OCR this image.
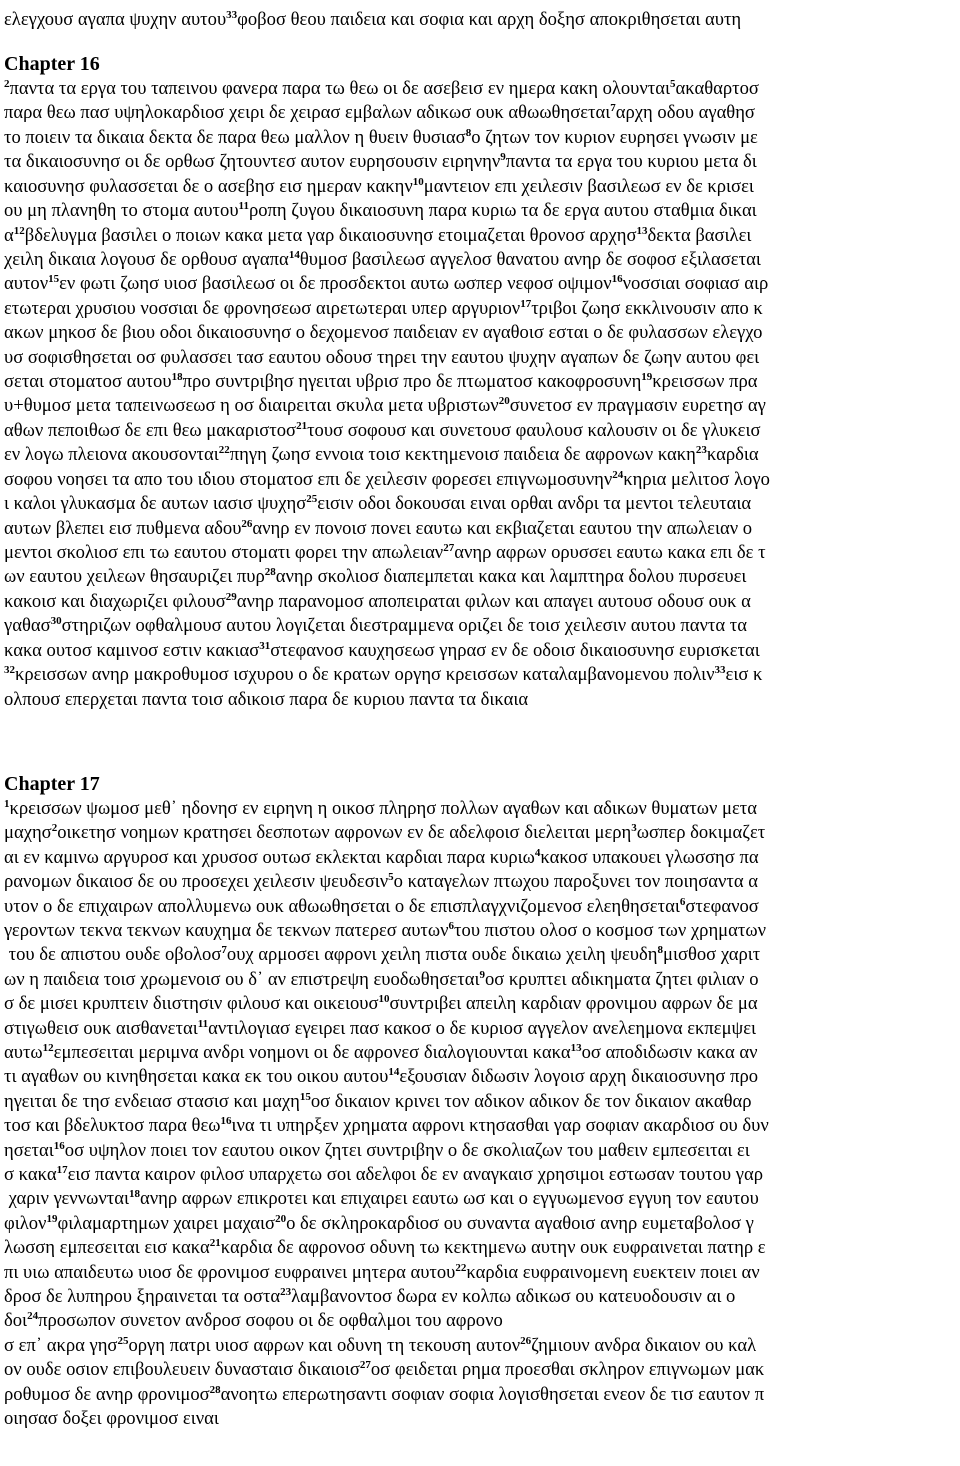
ελεγχουσ αγαπα ψυχην αυτου$^{33}$φοβοσ θεου παιδεια και σοφια και αρχη δοξησ αποκριθησεται αυτη
Chapter 16
$^2$παντα τα εργα του ταπεινου φανερα παρα τω θεω οι δε ασεβεισ εν ημερα κακη ολουνται$^5$ακαθαρτοσ
παρα θεω πασ υψηλοκαρδιοσ χειρι δε χειρασ εμβαλων αδικωσ ουκ αθωωθησεται$^7$αρχη οδου αγαθησ
το ποιειν τα δικαια δεκτα δε παρα θεω μαλλον η θυειν θυσιασ$^8$ο ζητων τον κυριον ευρησει γνωσιν με
τα δικαιοσυνησ οι δε ορθωσ ζητουντεσ αυτον ευρησουσιν ειρηνην$^9$παντα τα εργα του κυριου μετα δι
καιοσυνησ φυλασσεται δε ο ασεβησ εισ ημεραν κακην$^{10}$μαντειον επι χειλεσιν βασιλεωσ εν δε κρισει
ου μη πλανηθη το στομα αυτου$^{11}$ροπη ζυγου δικαιοσυνη παρα κυριω τα δε εργα αυτου σταθμια δικαι
$\alpha^{12}\beta\delta\varepsilon\lambda\upsilon\gamma\mu\alpha$ βασιλει ο ποιων κακα μετα γαρ δικαιοσυνησ ετοιμαζεται θρονοσ αρχησ$^{13}$δεκτα βασιλει
χειλη δικαια λογουσ δε ορθουσ αγαπα$^{14}$θυμοσ βασιλεωσ αγγελοσ θανατου ανηρ δε σοφοσ εξιλασεται
αυτον$^{15}$εν φωτι ζωησ υιοσ βασιλεωσ οι δε προσδεκτοι αυτω ωσπερ νεφοσ οψιμον$^{16}$νοσσιαι σοφιασ αιρ
ετωτεραι χρυσιου νοσσιαι δε φρονησεωσ αιρετωτεραι υπερ αργυριον$^{17}$τριβοι ζωησ εκκλινουσιν απο κ
ακων μηκοσ δε βιου οδοι δικαιοσυνησ ο δεχομενοσ παιδειαν εν αγαθοισ εσται ο δε φυλασσων ελεγχο
υσ σοφισθησεται οσ φυλασσει τασ εαυτου οδουσ τηρει την εαυτου ψυχην αγαπων δε ζωην αυτου φει
σεται στοματοσ αυτου$^{18}$προ συντριβησ ηγειται υβρισ προ δε πτωματοσ κακοφροσυνη$^{19}$κρεισσων πρα
υ+θυμοσ μετα ταπεινωσεωσ η οσ διαιρειται σκυλα μετα υβριστων$^{20}$συνετοσ εν πραγμασιν ευρετησ αγ
αθων πεποιθωσ δε επι θεω μακαριστοσ$^{21}$τουσ σοφουσ και συνετουσ φαυλουσ καλουσιν οι δε γλυκεισ
εν λογω πλειονα ακουσονται$^{22}$πηγη ζωησ εννοια τοισ κεκτημενοισ παιδεια δε αφρονων κακη$^{23}$καρδια
σοφου νοησει τα απο του ιδιου στοματοσ επι δε χειλεσιν φορεσει επιγνωμοσυνην$^{24}$κηρια μελιτοσ λογο
ι καλοι γλυκασμα δε αυτων ιασισ ψυχησ$^{25}$εισιν οδοι δοκουσαι ειναι ορθαι ανδρι τα μεντοι τελευταια
αυτων βλεπει εισ πυθμενα αδου$^{26}$ανηρ εν πονοισ πονει εαυτω και εκβιαζεται εαυτου την απωλειαν ο
μεντοι σκολιοσ επι τω εαυτου στοματι φορει την απωλειαν$^{27}$ανηρ αφρων ορυσσει εαυτω κακα επι δε τ
ων εαυτου χειλεων θησαυριζει πυρ$^{28}$ανηρ σκολιοσ διαπεμπεται κακα και λαμπτηρα δολου πυρσευει
κακοισ και διαχωριζει φιλουσ$^{29}$ανηρ παρανομοσ αποπειραται φιλων και απαγει αυτουσ οδουσ ουκ α
γαθασ$^{30}$στηριζων οφθαλμουσ αυτου λογιζεται διεστραμμενα οριζει δε τοισ χειλεσιν αυτου παντα τα
κακα ουτοσ καμινοσ εστιν κακιασ$^{31}$στεφανοσ καυχησεωσ γηρασ εν δε οδοισ δικαιοσυνησ ευρισκεται
$^{32}$κρεισσων ανηρ μακροθυμοσ ισχυρου ο δε κρατων οργησ κρεισσων καταλαμβανομενου πολιν$^{33}$εισ κ
ολπουσ επερχεται παντα τοισ αδικοισ παρα δε κυριου παντα τα δικαια
Chapter 17
$^1$κρεισσων ψωμοσ μεθ᾽ ηδονησ εν ειρηνη η οικοσ πληρησ πολλων αγαθων και αδικων θυματων μετα
μαχησ$^2$οικετησ νοημων κρατησει δεσποτων αφρονων εν δε αδελφοισ διελειται μερη$^3$ωσπερ δοκιμαζετ
αι εν καμινω αργυροσ και χρυσοσ ουτωσ εκλεκται καρδιαι παρα κυριω$^4$κακοσ υπακουει γλωσσησ πα
ρανομων δικαιοσ δε ου προσεχει χειλεσιν ψευδεσιν$^5$ο καταγελων πτωχου παροξυνει τον ποιησαντα α
υτον ο δε επιχαιρων απολλυμενω ουκ αθωωθησεται ο δε επισπλαγχνιζομενοσ ελεηθησεται$^6$στεφανοσ
γεροντων τεκνα τεκνων καυχημα δε τεκνων πατερεσ αυτων$^6$του πιστου ολοσ ο κοσμοσ των χρηματων
του δε απιστου ουδε οβολοσ$^7$ουχ αρμοσει αφρονι χειλη πιστα ουδε δικαιω χειλη ψευδη$^8$μισθοσ χαριτ
ων η παιδεια τοισ χρωμενοισ ου δ᾽ αν επιστρεψη ευοδωθησεται$^9$οσ κρυπτει αδικηματα ζητει φιλιαν ο
σ δε μισει κρυπτειν διιστησιν φιλουσ και οικειουσ$^{10}$συντριβει απειλη καρδιαν φρονιμου αφρων δε μα
στιγωθεισ ουκ αισθανεται$^{11}$αντιλογιασ εγειρει πασ κακοσ ο δε κυριοσ αγγελον ανελεημονα εκπεμψει
αυτω$^{12}$εμπεσειται μεριμνα ανδρι νοημονι οι δε αφρονεσ διαλογιουνται κακα$^{13}$οσ αποδιδωσιν κακα αν
τι αγαθων ου κινηθησεται κακα εκ του οικου αυτου$^{14}$εξουσιαν διδωσιν λογοισ αρχη δικαιοσυνησ προ
ηγειται δε τησ ενδειασ στασισ και μαχη$^{15}$οσ δικαιον κρινει τον αδικον αδικον δε τον δικαιον ακαθαρ
τοσ και βδελυκτοσ παρα θεω$^{16}$ινα τι υπηρξεν χρηματα αφρονι κτησασθαι γαρ σοφιαν ακαρδιοσ ου δυν
ησεται$^{16}$οσ υψηλον ποιει τον εαυτου οικον ζητει συντριβην ο δε σκολιαζων του μαθειν εμπεσειται ει
σ κακα$^{17}$εισ παντα καιρον φιλοσ υπαρχετω σοι αδελφοι δε εν αναγκαισ χρησιμοι εστωσαν τουτου γαρ
χαριν γεννωνται$^{18}$ανηρ αφρων επικροτει και επιχαιρει εαυτω ωσ και ο εγγυωμενοσ εγγυη τον εαυτου
φιλον$^{19}$φιλαμαρτημων χαιρει μαχαισ$^{20}$ο δε σκληροκαρδιοσ ου συναντα αγαθοισ ανηρ ευμεταβολοσ γ
λωσση εμπεσειται εισ κακα$^{21}$καρδια δε αφρονοσ οδυνη τω κεκτημενω αυτην ουκ ευφραινεται πατηρ ε
πι υιω απαιδευτω υιοσ δε φρονιμοσ ευφραινει μητερα αυτου$^{22}$καρδια ευφραινομενη ευεκτειν ποιει αν
δροσ δε λυπηρου ξηραινεται τα οστα$^{23}$λαμβανοντοσ δωρα εν κολπω αδικωσ ου κατευοδουσιν αι ο
δοι$^{24}$προσωπον συνετον ανδροσ σοφου οι δε οφθαλμοι του αφρονο
σ επ᾽ ακρα γησ$^{25}$οργη πατρι υιοσ αφρων και οδυνη τη τεκουση αυτον$^{26}$ζημιουν ανδρα δικαιον ου καλ
ον ουδε οσιον επιβουλευειν δυνασταισ δικαιοισ$^{27}$οσ φειδεται ρημα προεσθαι σκληρον επιγνωμων μακ
ροθυμοσ δε ανηρ φρονιμοσ$^{28}$ανοητω επερωτησαντι σοφιαν σοφια λογισθησεται ενεον δε τισ εαυτον π
οιησασ δοξει φρονιμοσ ειναι
